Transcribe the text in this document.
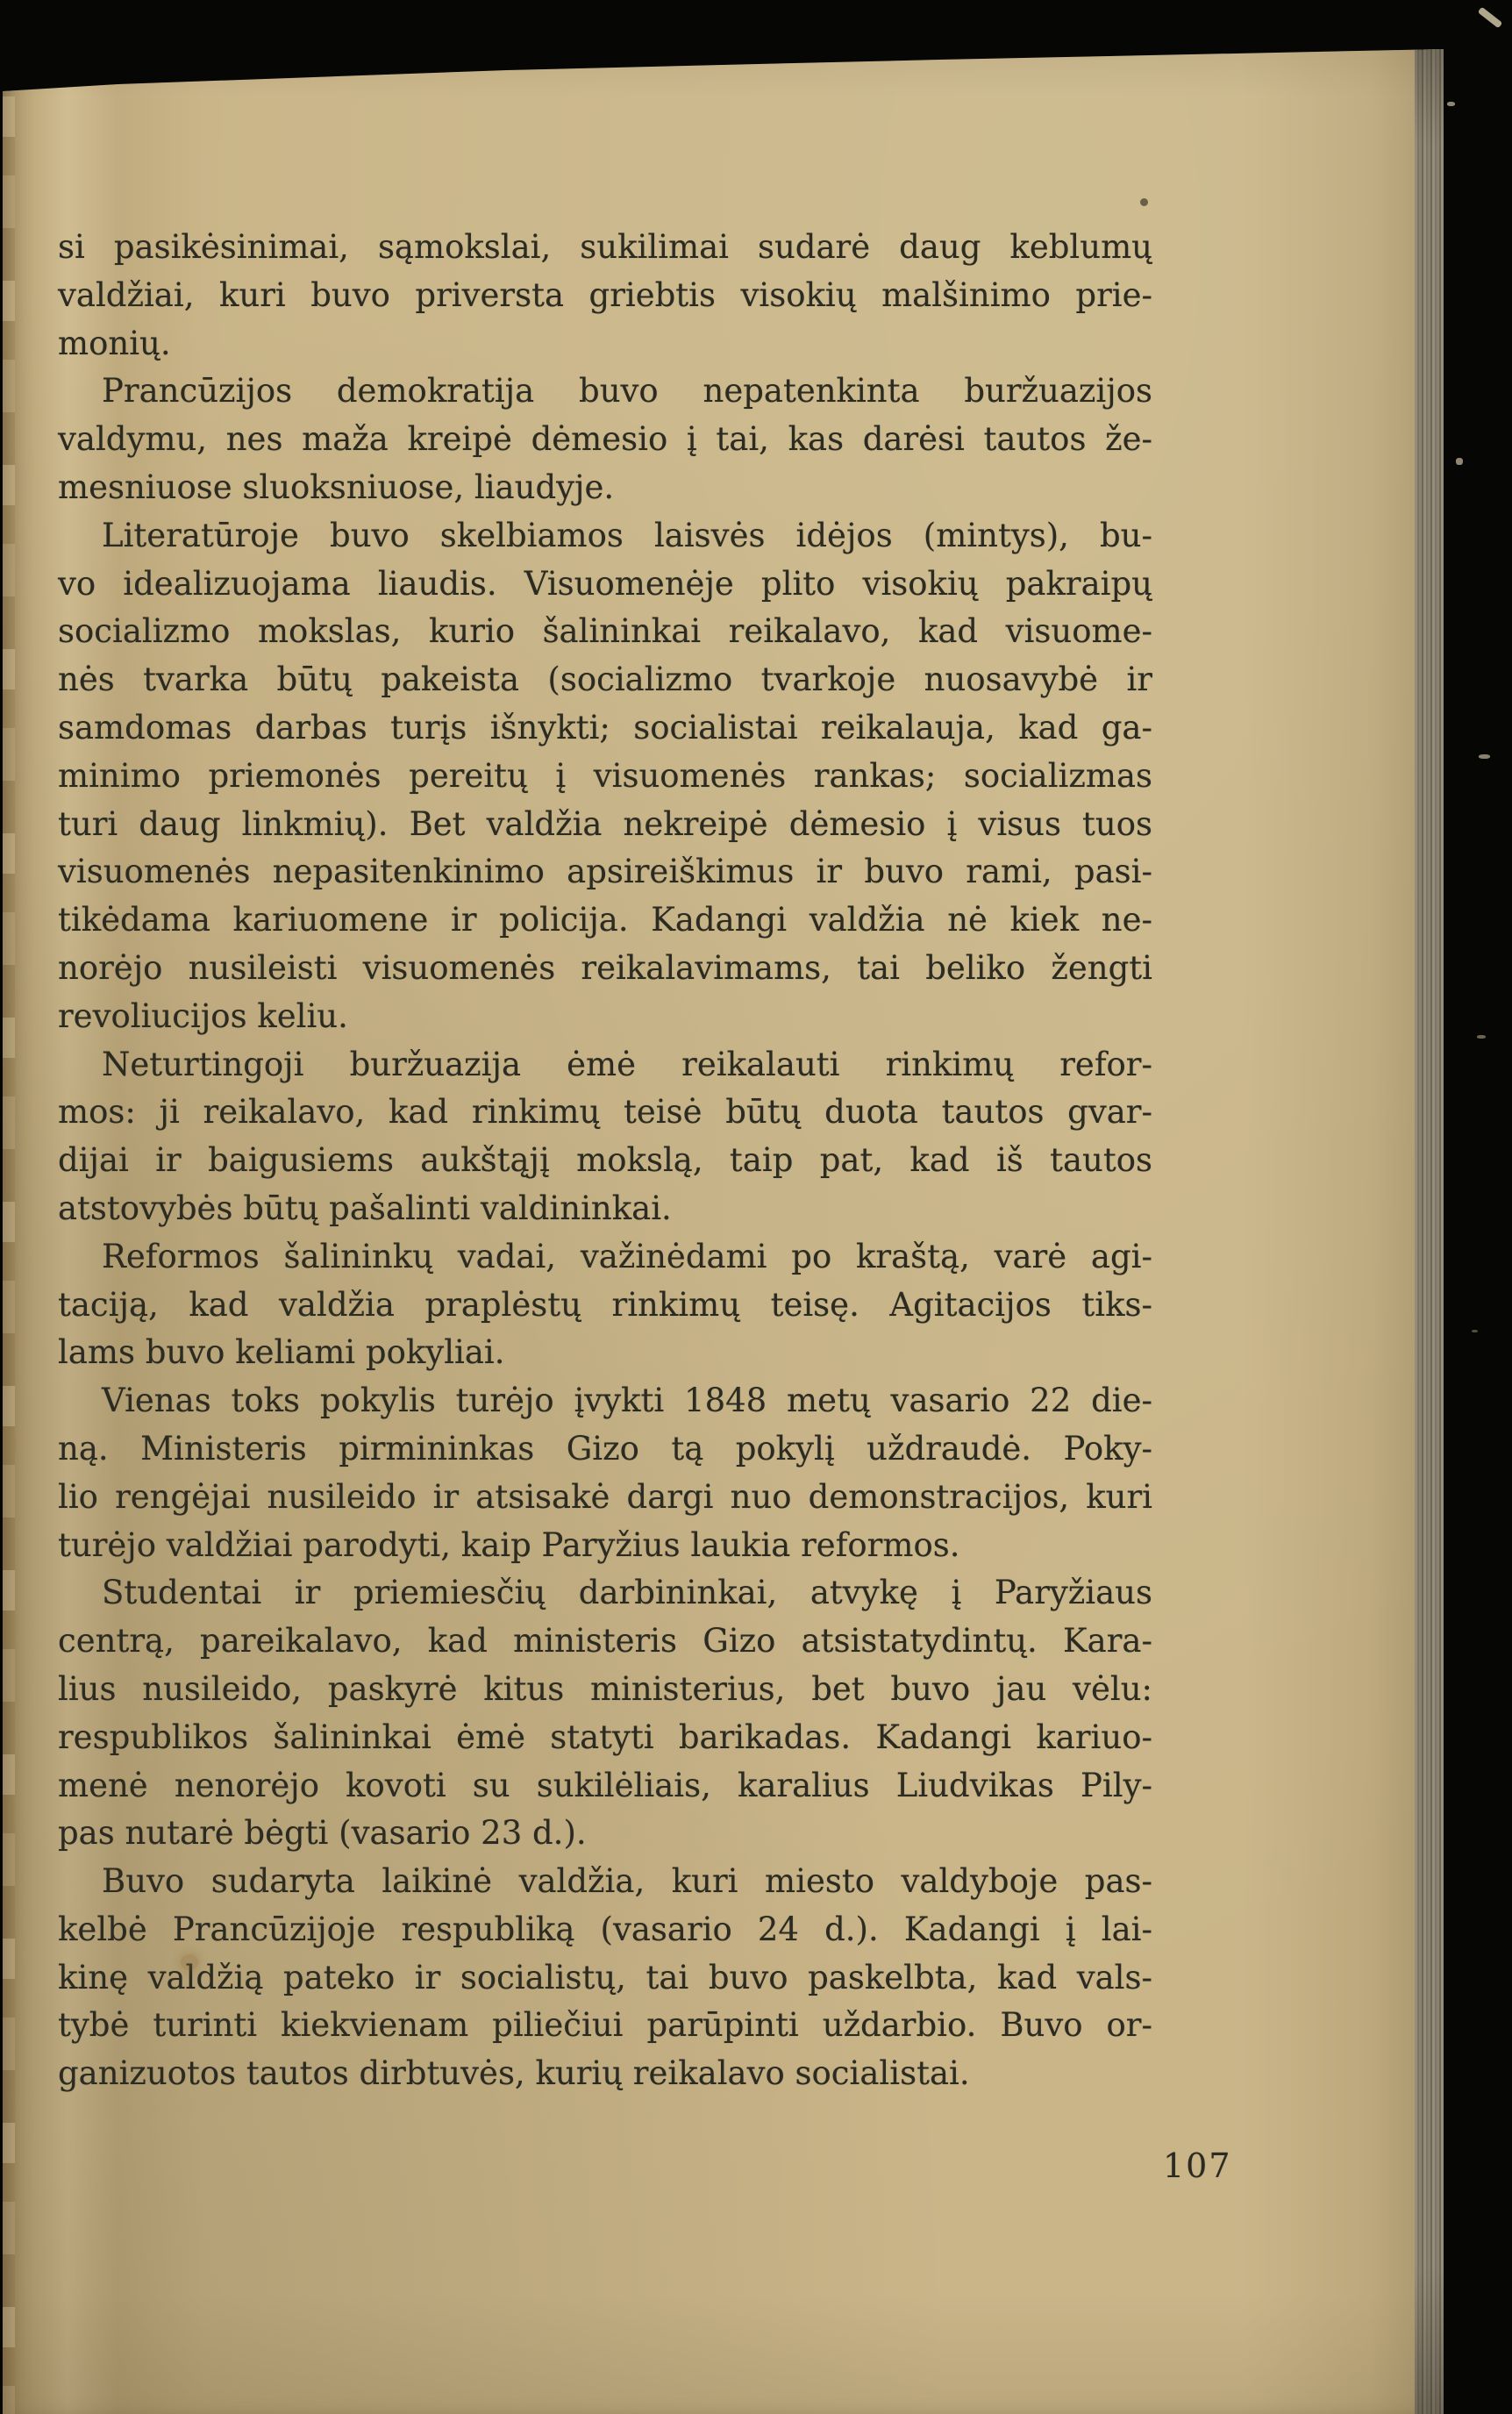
si pasikėsinimai, sąmokslai, sukilimai sudarė daug keblumų
valdžiai, kuri buvo priversta griebtis visokių malšinimo prie-
monių.
Prancūzijos demokratija buvo nepatenkinta buržuazijos
valdymu, nes maža kreipė dėmesio į tai, kas darėsi tautos že-
mesniuose sluoksniuose, liaudyje.
Literatūroje buvo skelbiamos laisvės idėjos (mintys), bu-
vo idealizuojama liaudis. Visuomenėje plito visokių pakraipų
socializmo mokslas, kurio šalininkai reikalavo, kad visuome-
nės tvarka būtų pakeista (socializmo tvarkoje nuosavybė ir
samdomas darbas turįs išnykti; socialistai reikalauja, kad ga-
minimo priemonės pereitų į visuomenės rankas; socializmas
turi daug linkmių). Bet valdžia nekreipė dėmesio į visus tuos
visuomenės nepasitenkinimo apsireiškimus ir buvo rami, pasi-
tikėdama kariuomene ir policija. Kadangi valdžia nė kiek ne-
norėjo nusileisti visuomenės reikalavimams, tai beliko žengti
revoliucijos keliu.
Neturtingoji buržuazija ėmė reikalauti rinkimų refor-
mos: ji reikalavo, kad rinkimų teisė būtų duota tautos gvar-
dijai ir baigusiems aukštąjį mokslą, taip pat, kad iš tautos
atstovybės būtų pašalinti valdininkai.
Reformos šalininkų vadai, važinėdami po kraštą, varė agi-
taciją, kad valdžia praplėstų rinkimų teisę. Agitacijos tiks-
lams buvo keliami pokyliai.
Vienas toks pokylis turėjo įvykti 1848 metų vasario 22 die-
ną. Ministeris pirmininkas Gizo tą pokylį uždraudė. Poky-
lio rengėjai nusileido ir atsisakė dargi nuo demonstracijos, kuri
turėjo valdžiai parodyti, kaip Paryžius laukia reformos.
Studentai ir priemiesčių darbininkai, atvykę į Paryžiaus
centrą, pareikalavo, kad ministeris Gizo atsistatydintų. Kara-
lius nusileido, paskyrė kitus ministerius, bet buvo jau vėlu:
respublikos šalininkai ėmė statyti barikadas. Kadangi kariuo-
menė nenorėjo kovoti su sukilėliais, karalius Liudvikas Pily-
pas nutarė bėgti (vasario 23 d.).
Buvo sudaryta laikinė valdžia, kuri miesto valdyboje pas-
kelbė Prancūzijoje respubliką (vasario 24 d.). Kadangi į lai-
kinę valdžią pateko ir socialistų, tai buvo paskelbta, kad vals-
tybė turinti kiekvienam piliečiui parūpinti uždarbio. Buvo or-
ganizuotos tautos dirbtuvės, kurių reikalavo socialistai.
107
